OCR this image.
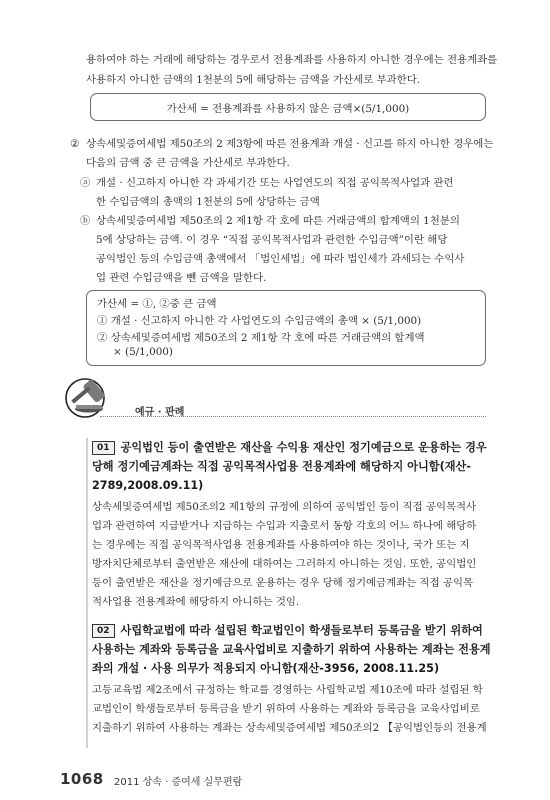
용하여야 하는 거래에 해당하는 경우로서 전용계좌를 사용하지 아니한 경우에는 전용계좌를
사용하지 아니한 금액의 1천분의 5에 해당하는 금액을 가산세로 부과한다.
가산세 = 전용계좌를 사용하지 않은 금액×(5/1,000)
② 상속세및증여세법 제50조의 2 제3항에 따른 전용계좌 개설 · 신고를 하지 아니한 경우에는
다음의 금액 중 큰 금액을 가산세로 부과한다.
ⓐ 개설 · 신고하지 아니한 각 과세기간 또는 사업연도의 직접 공익목적사업과 관련
한 수입금액의 총액의 1천분의 5에 상당하는 금액
ⓑ 상속세및증여세법 제50조의 2 제1항 각 호에 따른 거래금액의 합계액의 1천분의
5에 상당하는 금액. 이 경우 “직접 공익목적사업과 관련한 수입금액”이란 해당
공익법인 등의 수입금액 총액에서 「법인세법」에 따라 법인세가 과세되는 수익사
업 관련 수입금액을 뺀 금액을 말한다.
가산세 = ①, ②중 큰 금액
① 개설 · 신고하지 아니한 각 사업연도의 수입금액의 총액 × (5/1,000)
② 상속세및증여세법 제50조의 2 제1항 각 호에 따른 거래금액의 합계액
× (5/1,000)
예규 · 판례
01 공익법인 등이 출연받은 재산을 수익용 재산인 정기예금으로 운용하는 경우
당해 정기예금계좌는 직접 공익목적사업용 전용계좌에 해당하지 아니함(재산-
2789,2008.09.11)
상속세및증여세법 제50조의2 제1항의 규정에 의하여 공익법인 등이 직접 공익목적사
업과 관련하여 지급받거나 지급하는 수입과 지출로서 동항 각호의 어느 하나에 해당하
는 경우에는 직접 공익목적사업용 전용계좌를 사용하여야 하는 것이나, 국가 또는 지
방자치단체로부터 출연받은 재산에 대하여는 그러하지 아니하는 것임. 또한, 공익법인
등이 출연받은 재산을 정기예금으로 운용하는 경우 당해 정기예금계좌는 직접 공익목
적사업용 전용계좌에 해당하지 아니하는 것임.
02 사립학교법에 따라 설립된 학교법인이 학생들로부터 등록금을 받기 위하여
사용하는 계좌와 등록금을 교육사업비로 지출하기 위하여 사용하는 계좌는 전용계
좌의 개설 · 사용 의무가 적용되지 아니함(재산-3956, 2008.11.25)
고등교육법 제2조에서 규정하는 학교를 경영하는 사립학교법 제10조에 따라 설립된 학
교법인이 학생들로부터 등록금을 받기 위하여 사용하는 계좌와 등록금을 교육사업비로
지출하기 위하여 사용하는 계좌는 상속세및증여세법 제50조의2 【공익법인등의 전용계
1068 2011 상속 · 증여세 실무편람
